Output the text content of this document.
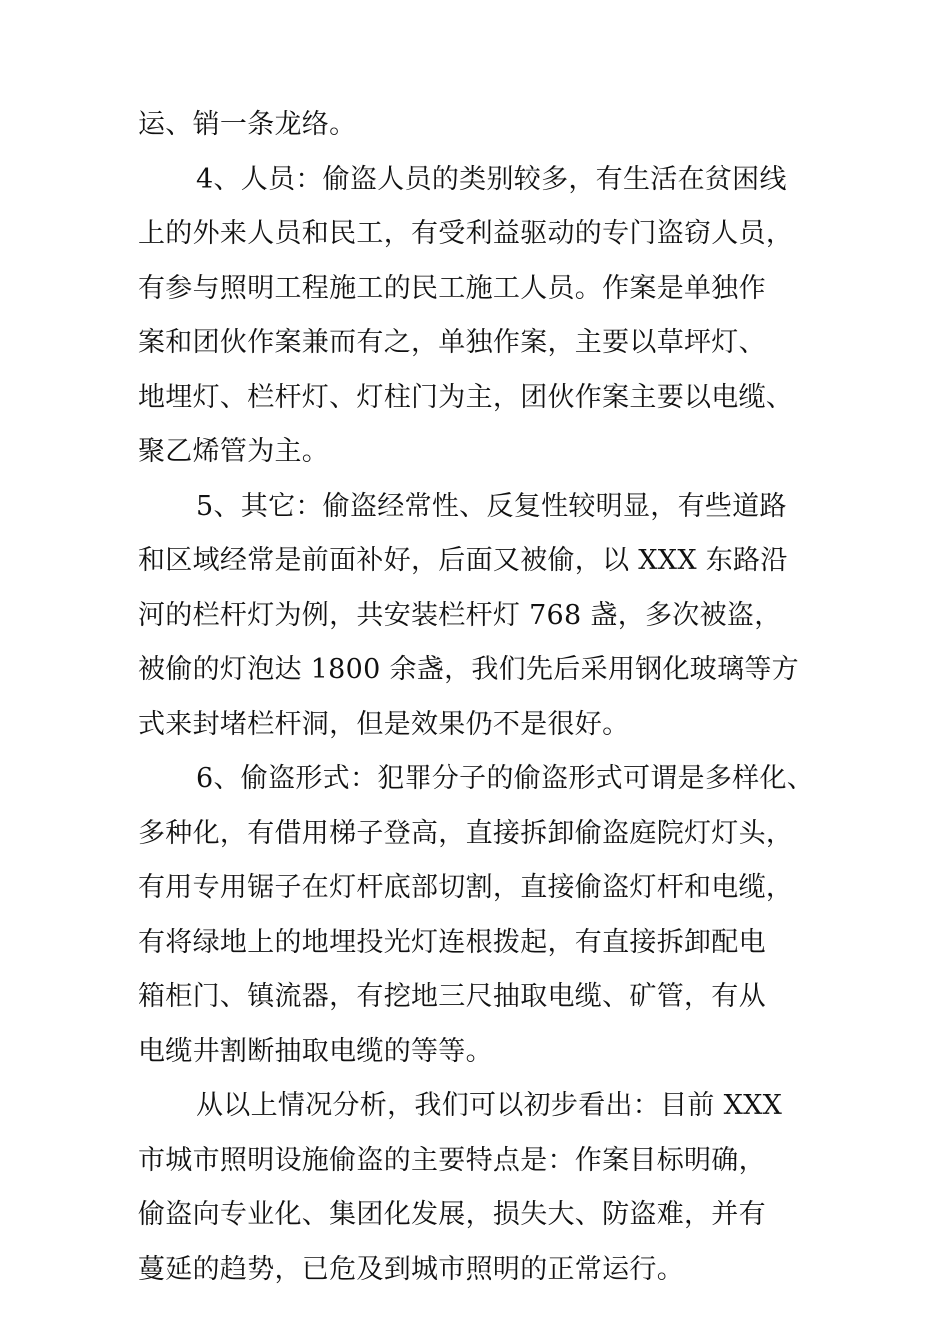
运、销一条龙络。
4、人员：偷盗人员的类别较多，有生活在贫困线
上的外来人员和民工，有受利益驱动的专门盗窃人员，
有参与照明工程施工的民工施工人员。作案是单独作
案和团伙作案兼而有之，单独作案，主要以草坪灯、
地埋灯、栏杆灯、灯柱门为主，团伙作案主要以电缆、
聚乙烯管为主。
5、其它：偷盗经常性、反复性较明显，有些道路
和区域经常是前面补好，后面又被偷，以 XXX 东路沿
河的栏杆灯为例，共安装栏杆灯 768 盏，多次被盗，
被偷的灯泡达 1800 余盏，我们先后采用钢化玻璃等方
式来封堵栏杆洞，但是效果仍不是很好。
6、偷盗形式：犯罪分子的偷盗形式可谓是多样化、
多种化，有借用梯子登高，直接拆卸偷盗庭院灯灯头，
有用专用锯子在灯杆底部切割，直接偷盗灯杆和电缆，
有将绿地上的地埋投光灯连根拨起，有直接拆卸配电
箱柜门、镇流器，有挖地三尺抽取电缆、矿管，有从
电缆井割断抽取电缆的等等。
从以上情况分析，我们可以初步看出：目前 XXX
市城市照明设施偷盗的主要特点是：作案目标明确，
偷盗向专业化、集团化发展，损失大、防盗难，并有
蔓延的趋势，已危及到城市照明的正常运行。
